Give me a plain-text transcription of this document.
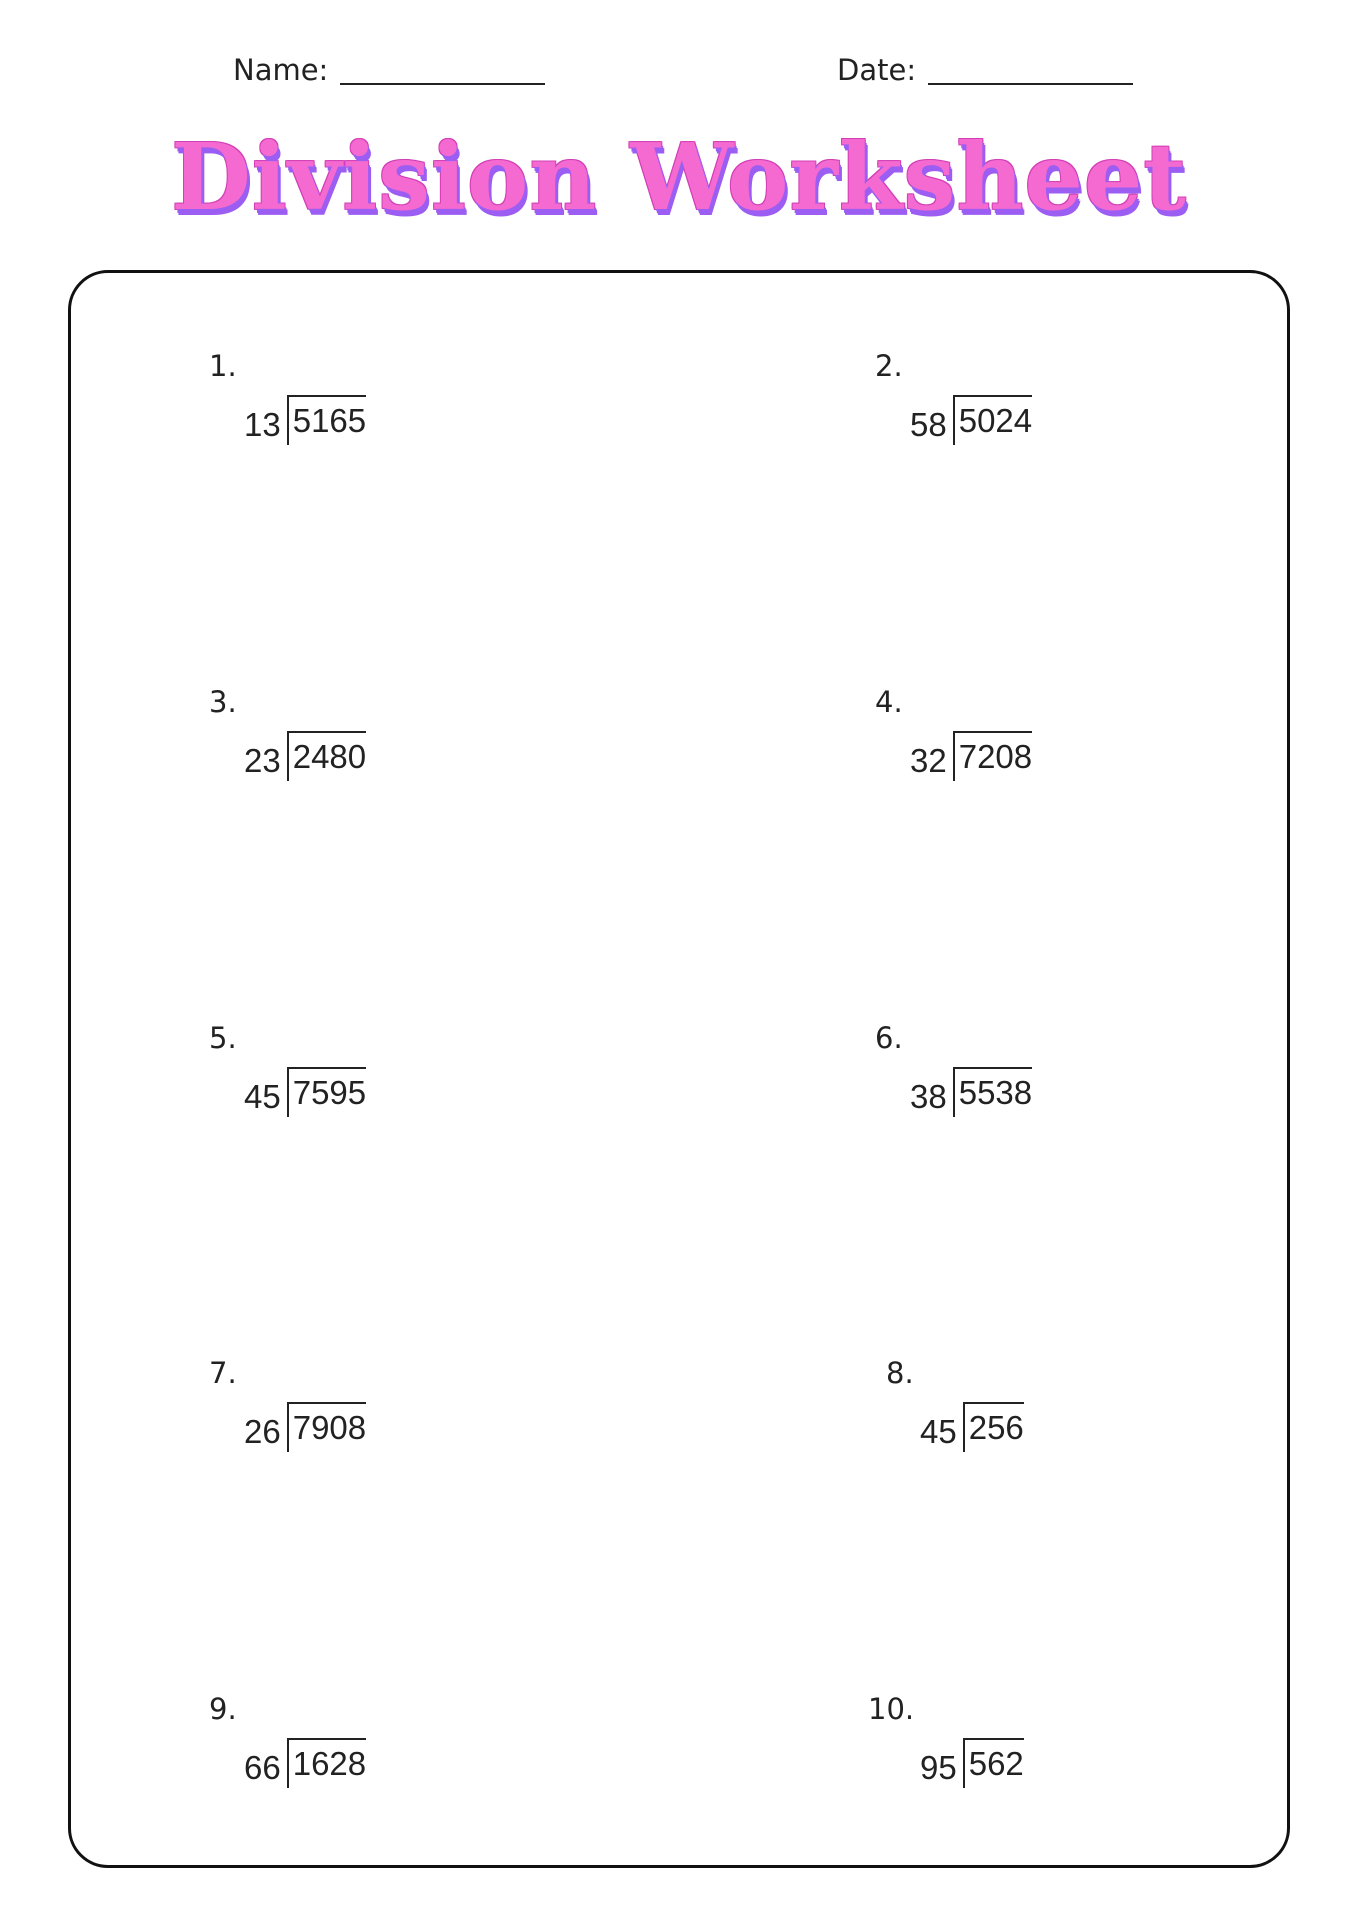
Name:	Date:
Division Worksheet
1.
13 5165
2.
58 5024
3.
23 2480
4.
32 7208
5.
45 7595
6.
38 5538
7.
26 7908
8.
45 256
9.
66 1628
10.
95 562
